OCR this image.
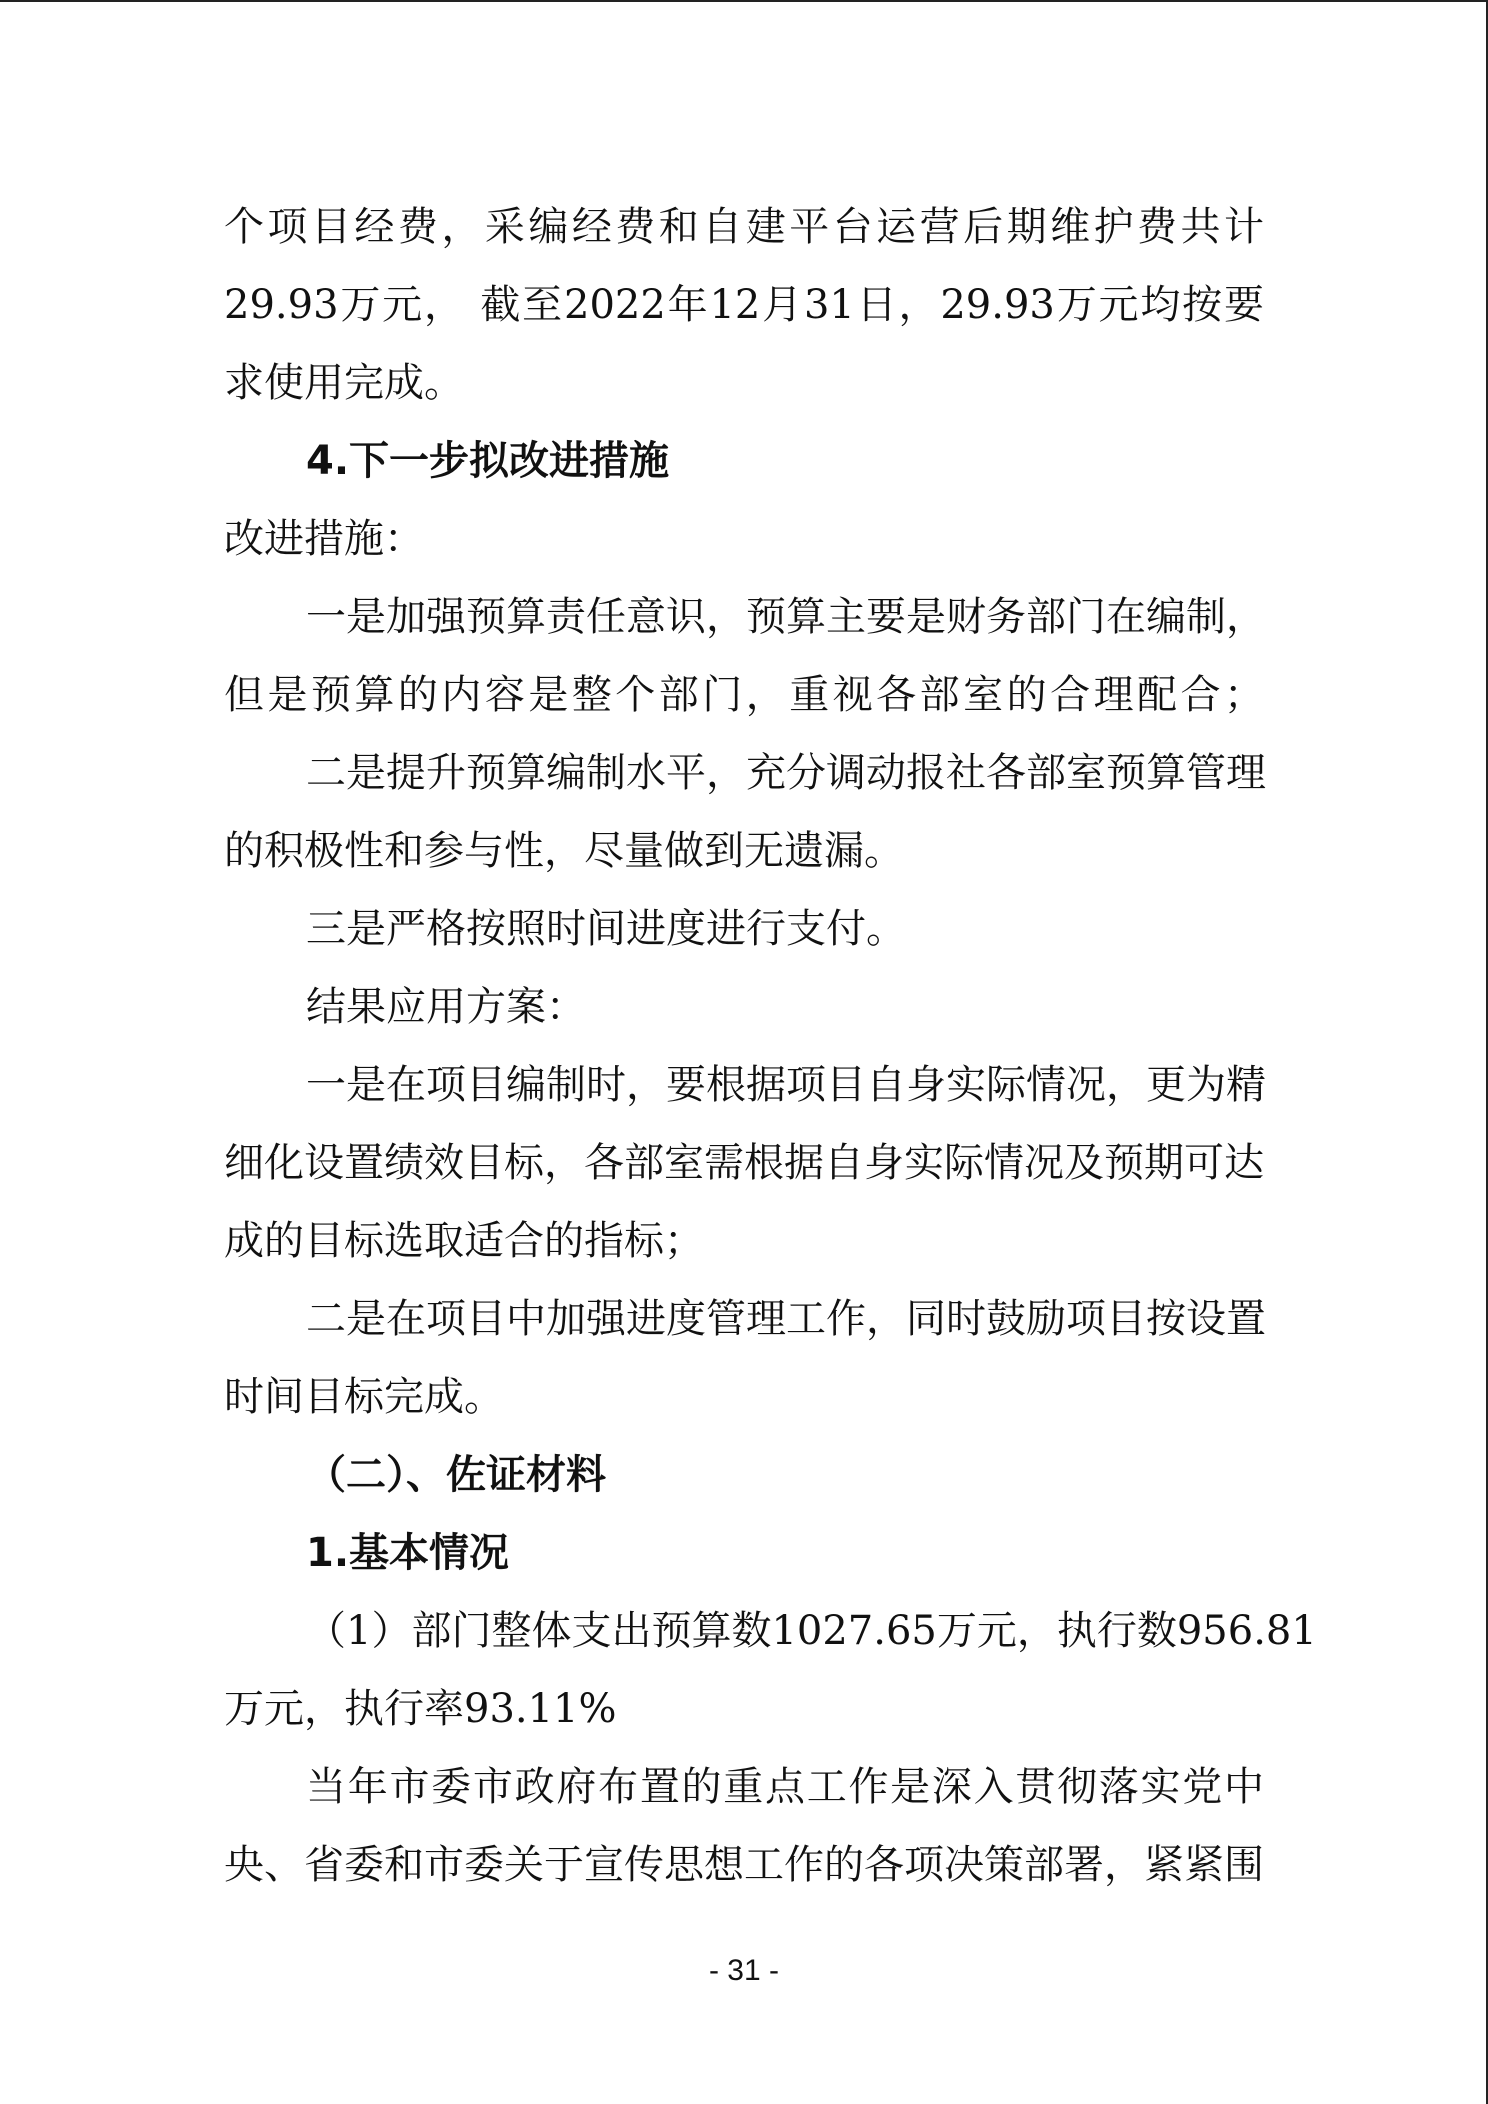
个项目经费，采编经费和自建平台运营后期维护费共计
29.93万元， 截至2022年12月31日，29.93万元均按要
求使用完成。
4.下一步拟改进措施
改进措施：
一是加强预算责任意识，预算主要是财务部门在编制，
但是预算的内容是整个部门，重视各部室的合理配合；
二是提升预算编制水平，充分调动报社各部室预算管理
的积极性和参与性，尽量做到无遗漏。
三是严格按照时间进度进行支付。
结果应用方案：
一是在项目编制时，要根据项目自身实际情况，更为精
细化设置绩效目标，各部室需根据自身实际情况及预期可达
成的目标选取适合的指标；
二是在项目中加强进度管理工作，同时鼓励项目按设置
时间目标完成。
（二）、佐证材料
1.基本情况
（1）部门整体支出预算数1027.65万元，执行数956.81
万元，执行率93.11%
当年市委市政府布置的重点工作是深入贯彻落实党中
央、省委和市委关于宣传思想工作的各项决策部署，紧紧围
- 31 -
